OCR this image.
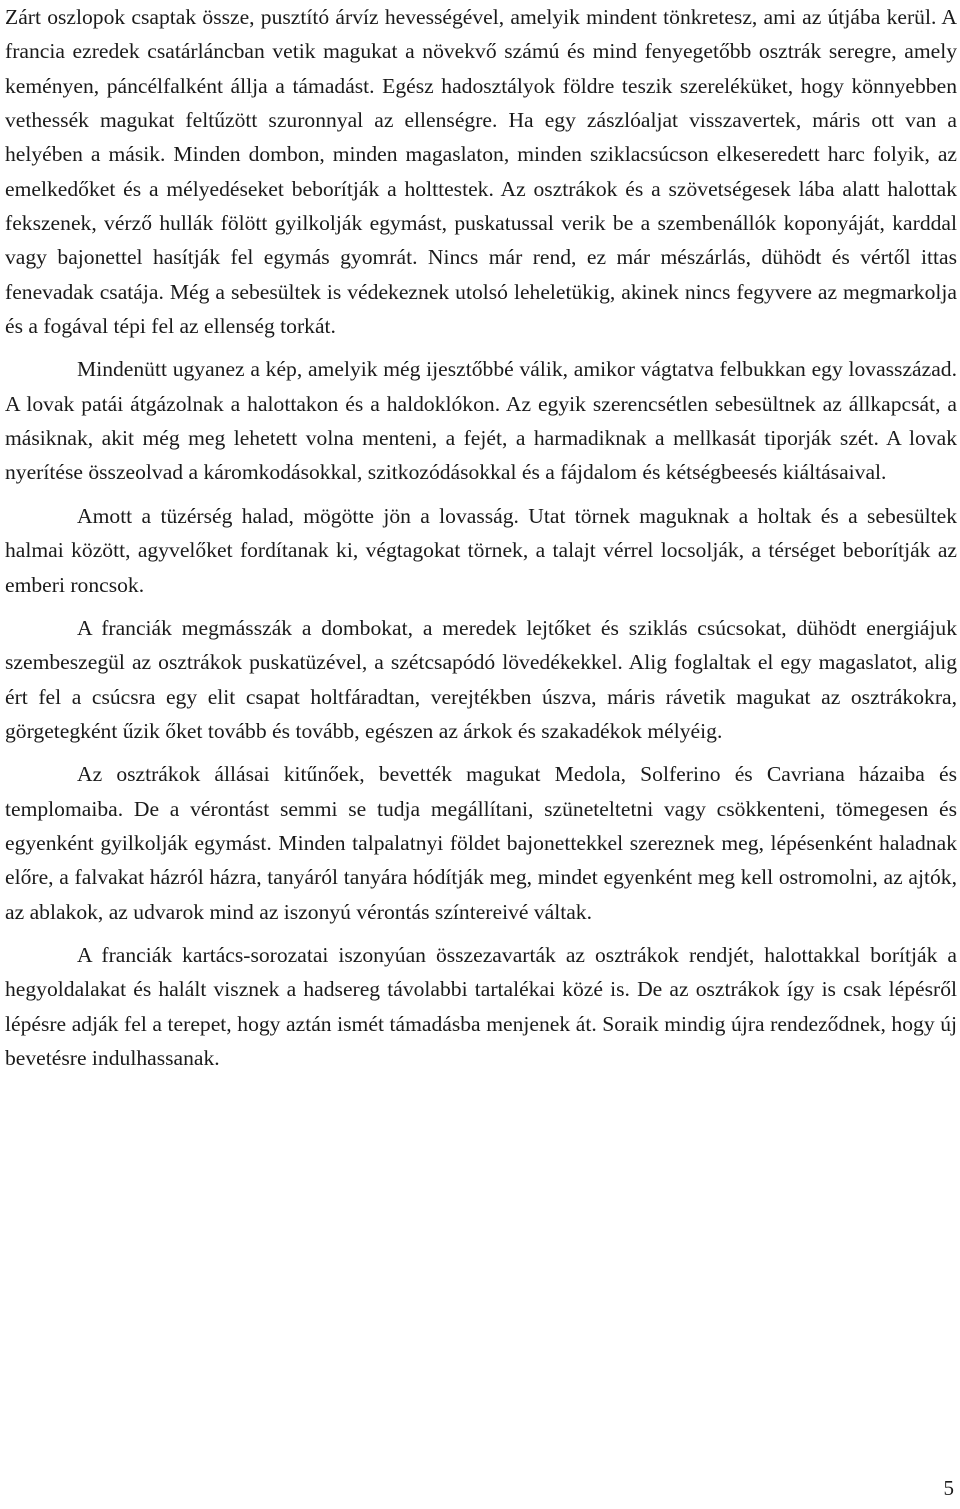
Zárt oszlopok csaptak össze, pusztító árvíz hevességével, amelyik mindent tönkretesz, ami az útjába kerül. A francia ezredek csatárláncban vetik magukat a növekvő számú és mind fenyegetőbb osztrák seregre, amely keményen, páncélfalként állja a támadást. Egész hadosztályok földre teszik szereléküket, hogy könnyebben vethessék magukat feltűzött szuronnyal az ellenségre. Ha egy zászlóaljat visszavertek, máris ott van a helyében a másik. Minden dombon, minden magaslaton, minden sziklacsúcson elkeseredett harc folyik, az emelkedőket és a mélyedéseket beborítják a holttestek. Az osztrákok és a szövetségesek lába alatt halottak fekszenek, vérző hullák fölött gyilkolják egymást, puskatussal verik be a szembenállók koponyáját, karddal vagy bajonettel hasítják fel egymás gyomrát. Nincs már rend, ez már mészárlás, dühödt és vértől ittas fenevadak csatája. Még a sebesültek is védekeznek utolsó leheletükig, akinek nincs fegyvere az megmarkolja és a fogával tépi fel az ellenség torkát.

Mindenütt ugyanez a kép, amelyik még ijesztőbbé válik, amikor vágtatva felbukkan egy lovasszázad. A lovak patái átgázolnak a halottakon és a haldoklókon. Az egyik szerencsétlen sebesültnek az állkapcsát, a másiknak, akit még meg lehetett volna menteni, a fejét, a harmadiknak a mellkasát tiporják szét. A lovak nyerítése összeolvad a káromkodásokkal, szitkozódásokkal és a fájdalom és kétségbeesés kiáltásaival.

Amott a tüzérség halad, mögötte jön a lovasság. Utat törnek maguknak a holtak és a sebesültek halmai között, agyvelőket fordítanak ki, végtagokat törnek, a talajt vérrel locsolják, a térséget beborítják az emberi roncsok.

A franciák megmásszák a dombokat, a meredek lejtőket és sziklás csúcsokat, dühödt energiájuk szembeszegül az osztrákok puskatüzével, a szétcsapódó lövedékekkel. Alig foglaltak el egy magaslatot, alig ért fel a csúcsra egy elit csapat holtfáradtan, verejtékben úszva, máris rávetik magukat az osztrákokra, görgetegként űzik őket tovább és tovább, egészen az árkok és szakadékok mélyéig.

Az osztrákok állásai kitűnőek, bevették magukat Medola, Solferino és Cavriana házaiba és templomaiba. De a vérontást semmi se tudja megállítani, szüneteltetni vagy csökkenteni, tömegesen és egyenként gyilkolják egymást. Minden talpalatnyi földet bajonettekkel szereznek meg, lépésenként haladnak előre, a falvakat házról házra, tanyáról tanyára hódítják meg, mindet egyenként meg kell ostromolni, az ajtók, az ablakok, az udvarok mind az iszonyú vérontás színtereivé váltak.

A franciák kartács-sorozatai iszonyúan összezavarták az osztrákok rendjét, halottakkal borítják a hegyoldalakat és halált visznek a hadsereg távolabbi tartalékai közé is. De az osztrákok így is csak lépésről lépésre adják fel a terepet, hogy aztán ismét támadásba menjenek át. Soraik mindig újra rendeződnek, hogy új bevetésre indulhassanak.

5
